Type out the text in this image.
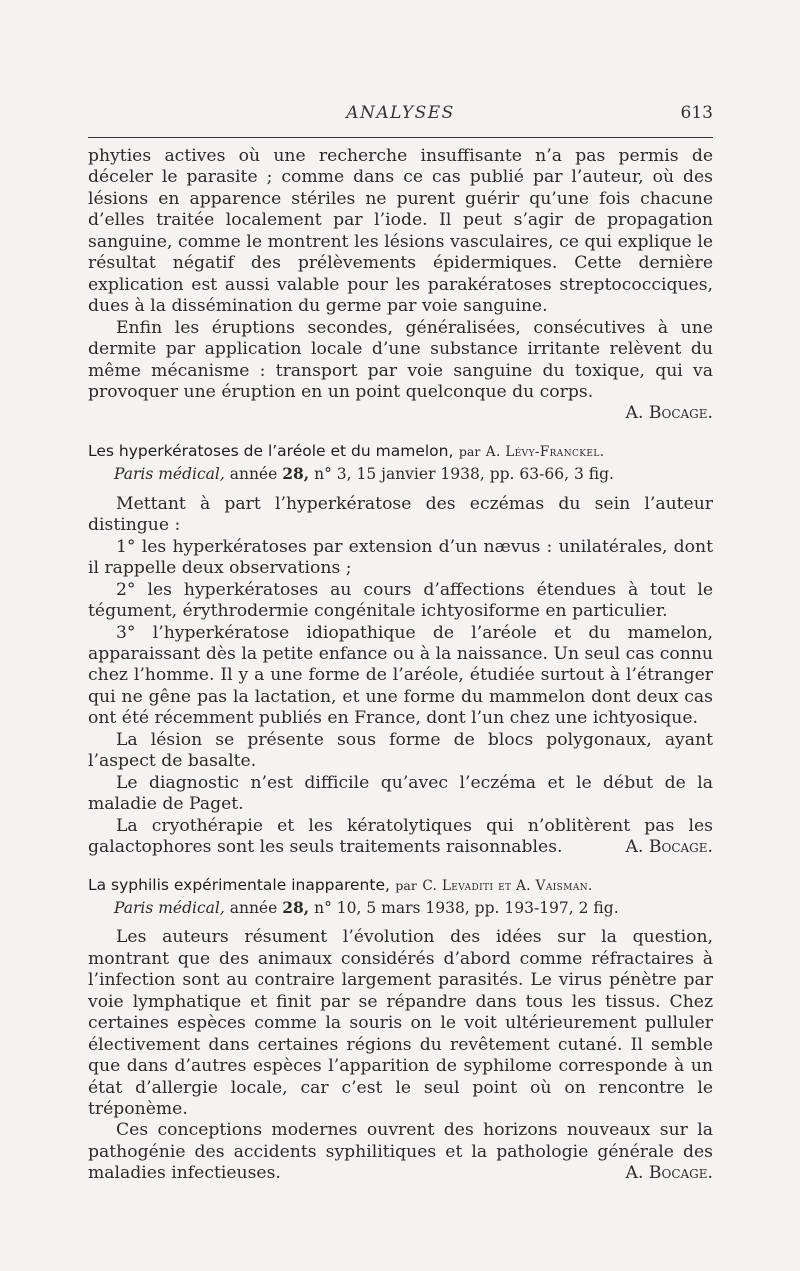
ANALYSES	613

phyties actives où une recherche insuffisante n’a pas permis de déceler le parasite ; comme dans ce cas publié par l’auteur, où des lésions en apparence stériles ne purent guérir qu’une fois chacune d’elles traitée localement par l’iode. Il peut s’agir de propagation sanguine, comme le montrent les lésions vasculaires, ce qui explique le résultat négatif des prélèvements épidermiques. Cette dernière explication est aussi valable pour les parakératoses streptococciques, dues à la dissémination du germe par voie sanguine.

Enfin les éruptions secondes, généralisées, consécutives à une dermite par application locale d’une substance irritante relèvent du même mécanisme : transport par voie sanguine du toxique, qui va provoquer une éruption en un point quelconque du corps.
A. Bocage.

Les hyperkératoses de l’aréole et du mamelon, par A. Lévy-Franckel.
Paris médical, année 28, n° 3, 15 janvier 1938, pp. 63-66, 3 fig.

Mettant à part l’hyperkératose des eczémas du sein l’auteur distingue :

1° les hyperkératoses par extension d’un nævus : unilatérales, dont il rappelle deux observations ;

2° les hyperkératoses au cours d’affections étendues à tout le tégument, érythrodermie congénitale ichtyosiforme en particulier.

3° l’hyperkératose idiopathique de l’aréole et du mamelon, apparaissant dès la petite enfance ou à la naissance. Un seul cas connu chez l’homme. Il y a une forme de l’aréole, étudiée surtout à l’étranger qui ne gêne pas la lactation, et une forme du mammelon dont deux cas ont été récemment publiés en France, dont l’un chez une ichtyosique.

La lésion se présente sous forme de blocs polygonaux, ayant l’aspect de basalte.

Le diagnostic n’est difficile qu’avec l’eczéma et le début de la maladie de Paget.

La cryothérapie et les kératolytiques qui n’oblitèrent pas les galactophores sont les seuls traitements raisonnables.	A. Bocage.

La syphilis expérimentale inapparente, par C. Levaditi et A. Vaisman.
Paris médical, année 28, n° 10, 5 mars 1938, pp. 193-197, 2 fig.

Les auteurs résument l’évolution des idées sur la question, montrant que des animaux considérés d’abord comme réfractaires à l’infection sont au contraire largement parasités. Le virus pénètre par voie lymphatique et finit par se répandre dans tous les tissus. Chez certaines espèces comme la souris on le voit ultérieurement pulluler électivement dans certaines régions du revêtement cutané. Il semble que dans d’autres espèces l’apparition de syphilome corresponde à un état d’allergie locale, car c’est le seul point où on rencontre le tréponème.

Ces conceptions modernes ouvrent des horizons nouveaux sur la pathogénie des accidents syphilitiques et la pathologie générale des maladies infectieuses.	A. Bocage.
